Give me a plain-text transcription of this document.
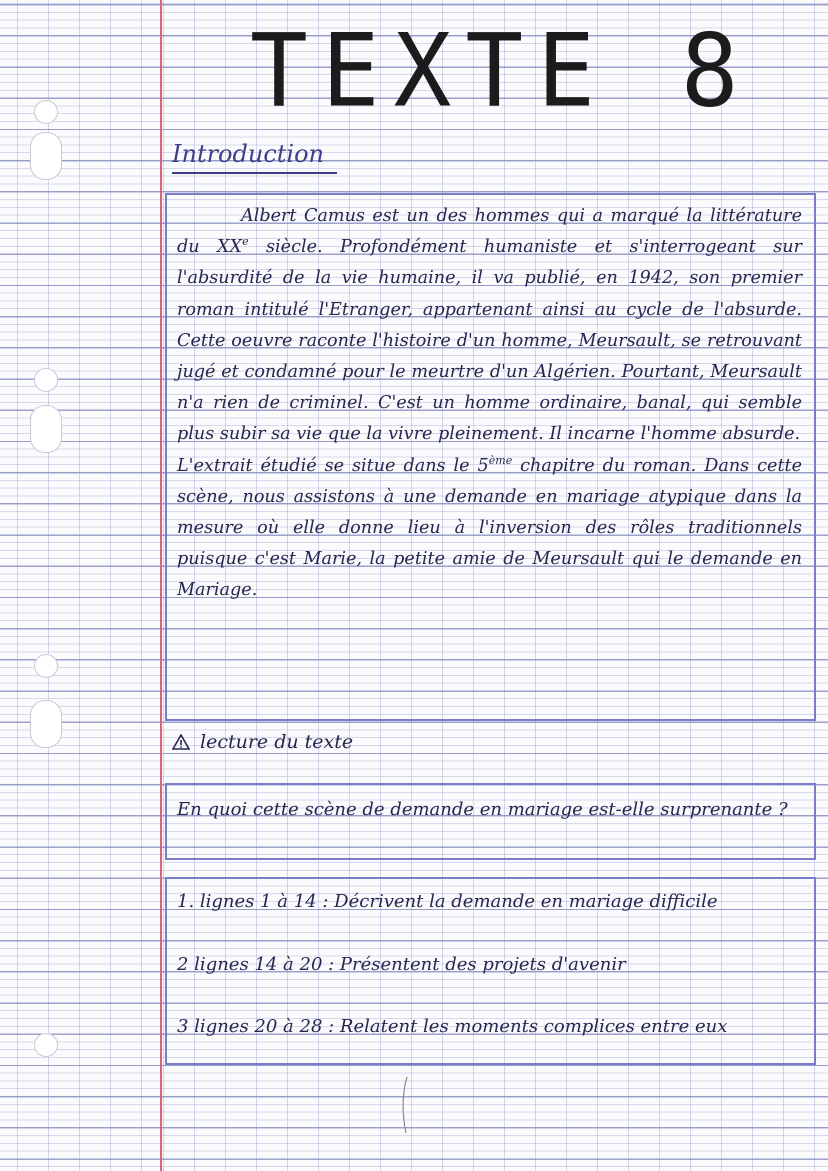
TEXTE 8
Introduction

Albert Camus est un des hommes qui a marqué la littérature du XXe siècle. Profondément humaniste et s'interrogeant sur l'absurdité de la vie humaine, il va publié, en 1942, son premier roman intitulé l'Etranger, appartenant ainsi au cycle de l'absurde. Cette oeuvre raconte l'histoire d'un homme, Meursault, se retrouvant jugé et condamné pour le meurtre d'un Algérien. Pourtant, Meursault n'a rien de criminel. C'est un homme ordinaire, banal, qui semble plus subir sa vie que la vivre pleinement. Il incarne l'homme absurde.

L'extrait étudié se situe dans le 5ème chapitre du roman. Dans cette scène, nous assistons à une demande en mariage atypique dans la mesure où elle donne lieu à l'inversion des rôles traditionnels puisque c'est Marie, la petite amie de Meursault qui le demande en Mariage.

lecture du texte

En quoi cette scène de demande en mariage est-elle surprenante ?

1. lignes 1 à 14 : Décrivent la demande en mariage difficile
2 lignes 14 à 20 : Présentent des projets d'avenir
3 lignes 20 à 28 : Relatent les moments complices entre eux
